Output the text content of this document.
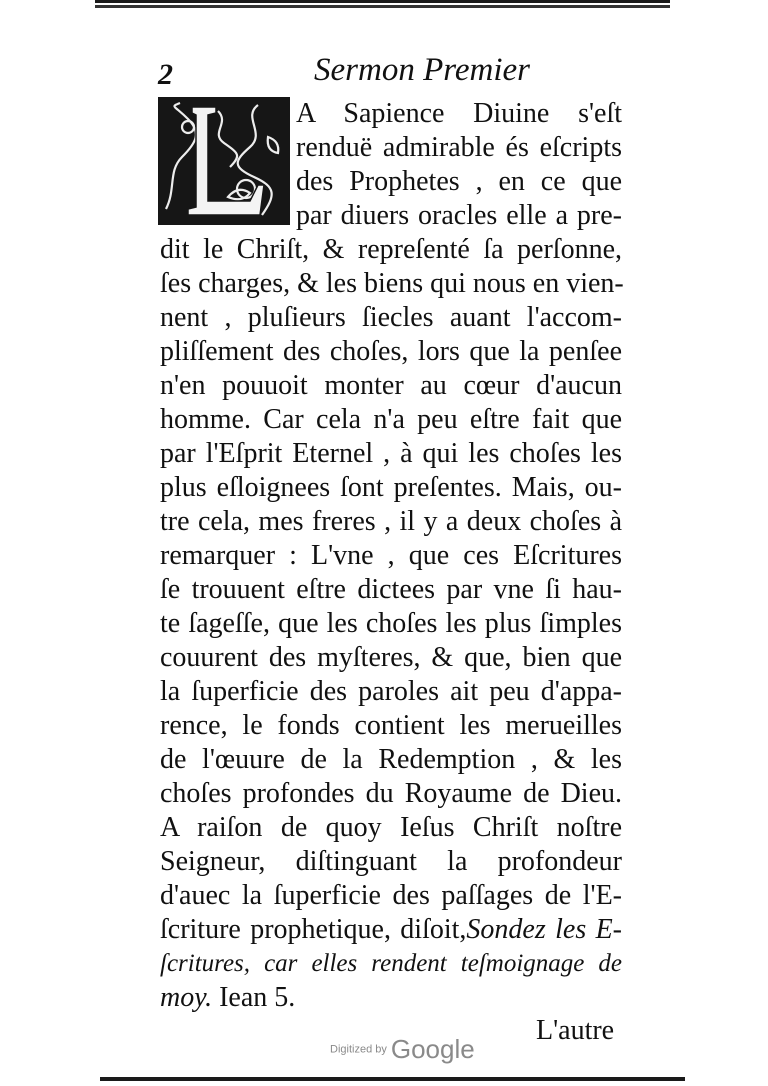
2	Sermon Premier
A Sapience Diuine s'eſt
renduë admirable és eſcripts
des Prophetes , en ce que
par diuers oracles elle a pre-
dit le Chriſt, & repreſenté ſa perſonne,
ſes charges, & les biens qui nous en vien-
nent , pluſieurs ſiecles auant l'accom-
pliſſement des choſes, lors que la penſee
n'en pouuoit monter au cœur d'aucun
homme. Car cela n'a peu eſtre fait que
par l'Eſprit Eternel , à qui les choſes les
plus eſloignees ſont preſentes. Mais, ou-
tre cela, mes freres , il y a deux choſes à
remarquer : L'vne , que ces Eſcritures
ſe trouuent eſtre dictees par vne ſi hau-
te ſageſſe, que les choſes les plus ſimples
couurent des myſteres, & que, bien que
la ſuperficie des paroles ait peu d'appa-
rence, le fonds contient les merueilles
de l'œuure de la Redemption , & les
choſes profondes du Royaume de Dieu.
A raiſon de quoy Ieſus Chriſt noſtre
Seigneur, diſtinguant la profondeur
d'auec la ſuperficie des paſſages de l'E-
ſcriture prophetique, diſoit,Sondez les E-
ſcritures, car elles rendent teſmoignage de
moy. Iean 5.
L'autre
Digitized by Google
